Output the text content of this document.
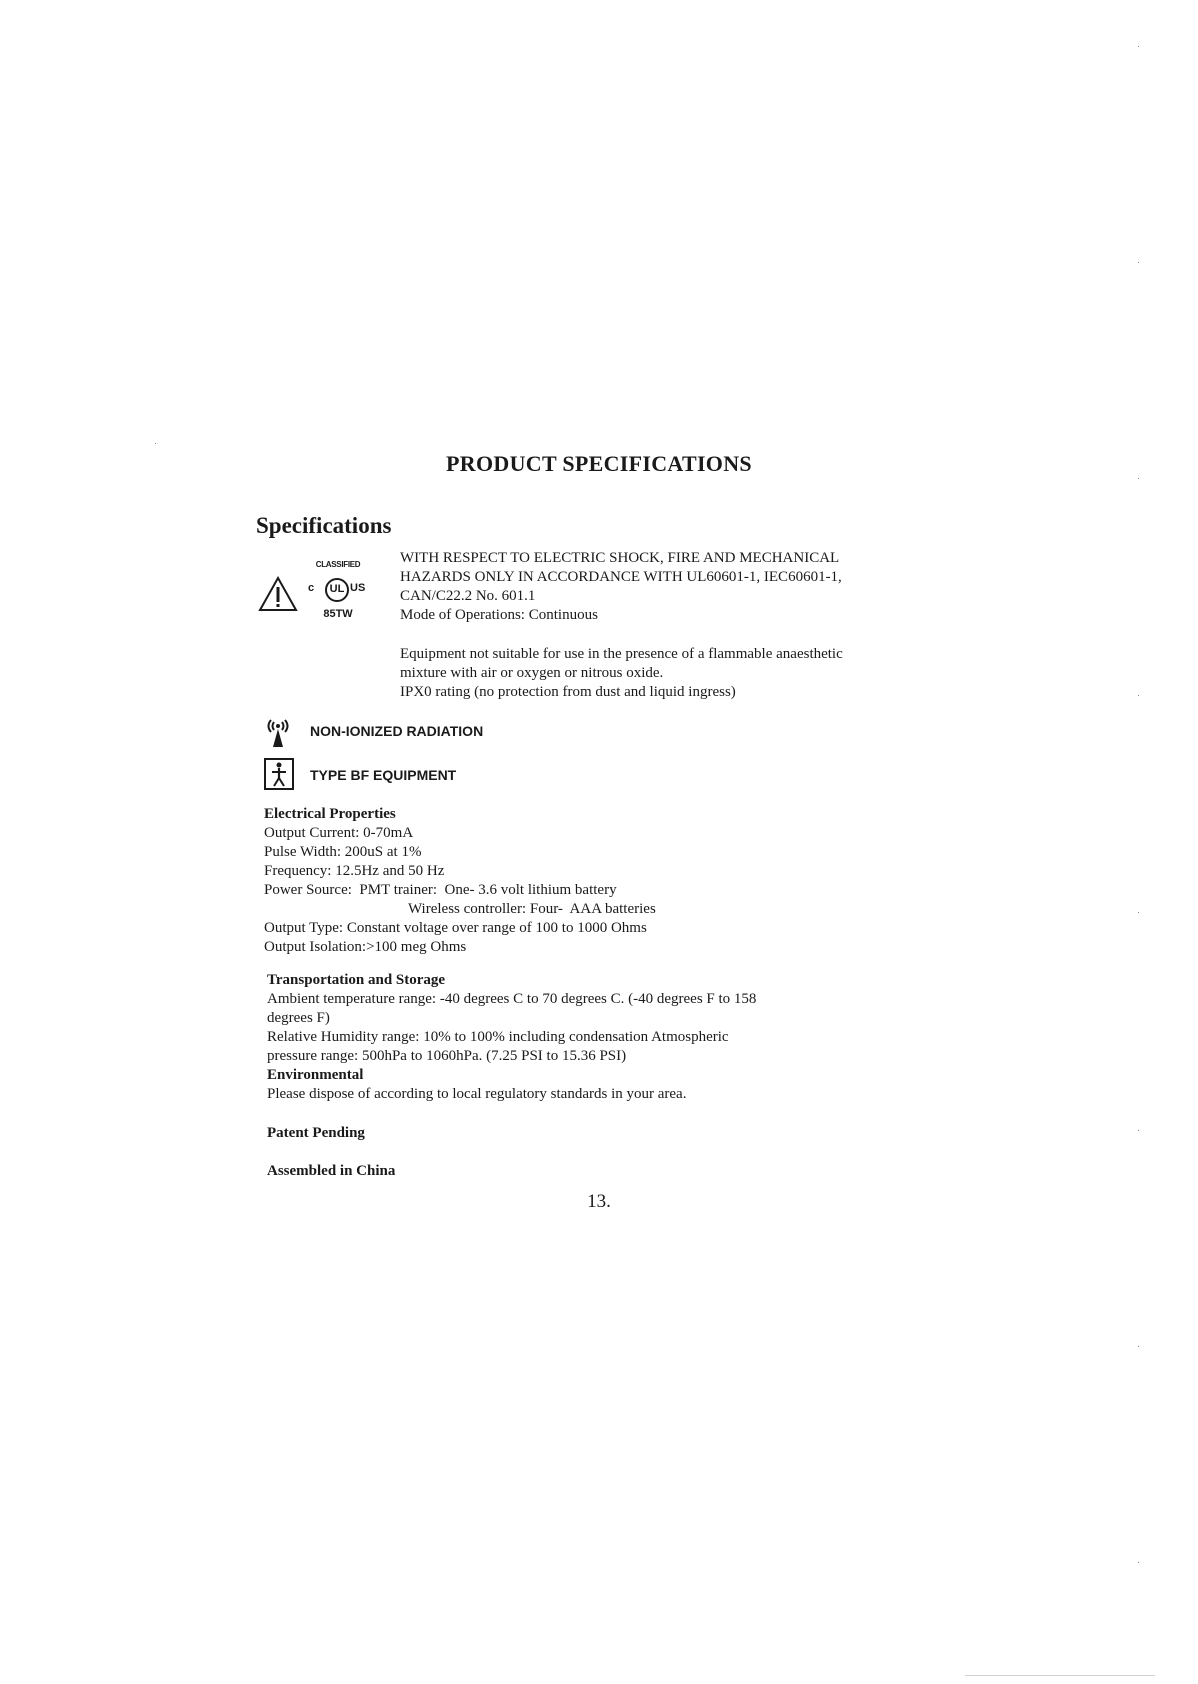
PRODUCT SPECIFICATIONS
Specifications
CLASSIFIED
c UL US
85TW
WITH RESPECT TO ELECTRIC SHOCK, FIRE AND MECHANICAL
HAZARDS ONLY IN ACCORDANCE WITH UL60601-1, IEC60601-1,
CAN/C22.2 No. 601.1
Mode of Operations: Continuous
Equipment not suitable for use in the presence of a flammable anaesthetic
mixture with air or oxygen or nitrous oxide.
IPX0 rating (no protection from dust and liquid ingress)
NON-IONIZED RADIATION
TYPE BF EQUIPMENT
Electrical Properties
Output Current: 0-70mA
Pulse Width: 200uS at 1%
Frequency: 12.5Hz and 50 Hz
Power Source:  PMT trainer:  One- 3.6 volt lithium battery
Wireless controller: Four-  AAA batteries
Output Type: Constant voltage over range of 100 to 1000 Ohms
Output Isolation:>100 meg Ohms
Transportation and Storage
Ambient temperature range: -40 degrees C to 70 degrees C. (-40 degrees F to 158
degrees F)
Relative Humidity range: 10% to 100% including condensation Atmospheric
pressure range: 500hPa to 1060hPa. (7.25 PSI to 15.36 PSI)
Environmental
Please dispose of according to local regulatory standards in your area.
Patent Pending
Assembled in China
13.
